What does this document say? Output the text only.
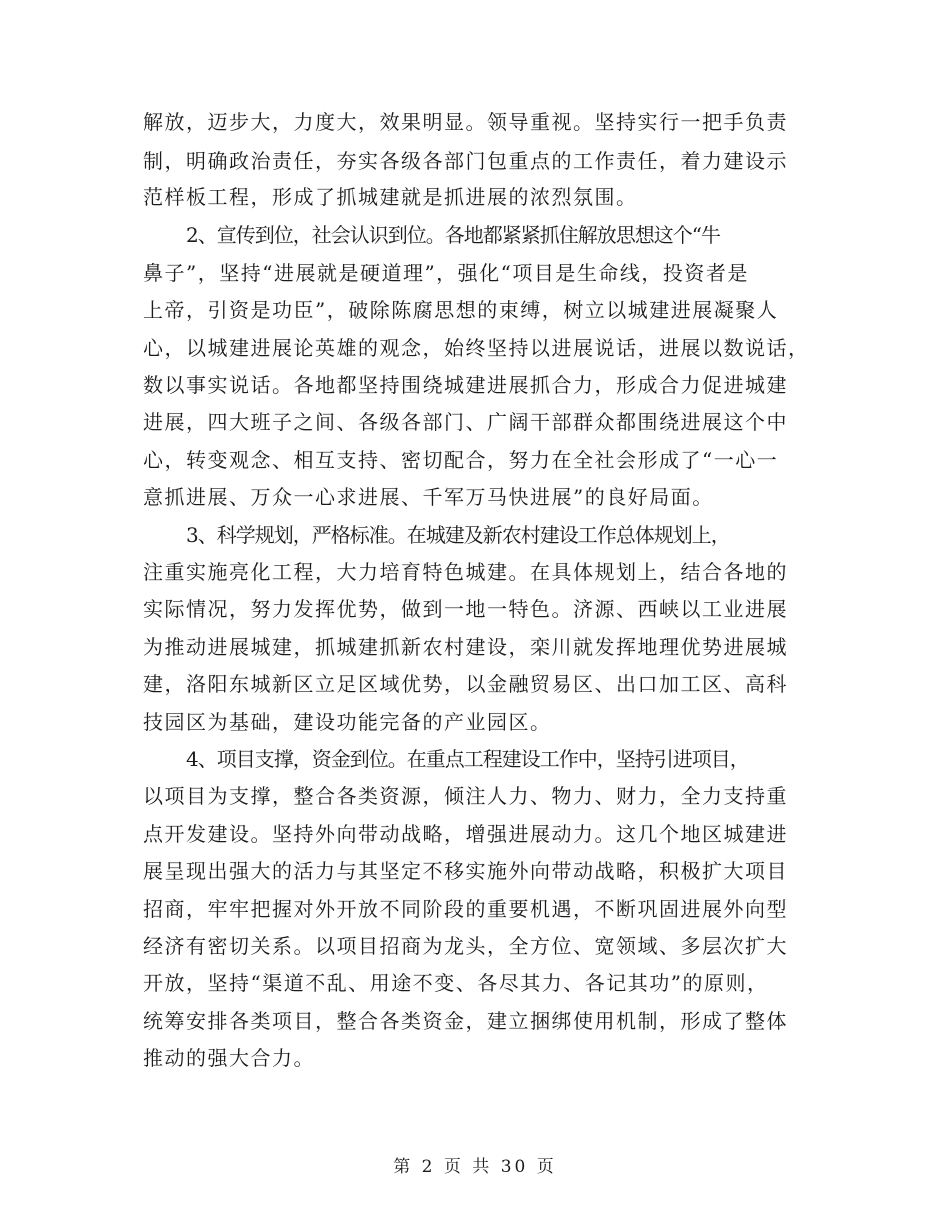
解放，迈步大，力度大，效果明显。领导重视。坚持实行一把手负责
制，明确政治责任，夯实各级各部门包重点的工作责任，着力建设示
范样板工程，形成了抓城建就是抓进展的浓烈氛围。
2、宣传到位，社会认识到位。各地都紧紧抓住解放思想这个“牛
鼻子”，坚持“进展就是硬道理”，强化“项目是生命线，投资者是
上帝，引资是功臣”，破除陈腐思想的束缚，树立以城建进展凝聚人
心，以城建进展论英雄的观念，始终坚持以进展说话，进展以数说话，
数以事实说话。各地都坚持围绕城建进展抓合力，形成合力促进城建
进展，四大班子之间、各级各部门、广阔干部群众都围绕进展这个中
心，转变观念、相互支持、密切配合，努力在全社会形成了“一心一
意抓进展、万众一心求进展、千军万马快进展”的良好局面。
3、科学规划，严格标准。在城建及新农村建设工作总体规划上，
注重实施亮化工程，大力培育特色城建。在具体规划上，结合各地的
实际情况，努力发挥优势，做到一地一特色。济源、西峡以工业进展
为推动进展城建，抓城建抓新农村建设，栾川就发挥地理优势进展城
建，洛阳东城新区立足区域优势，以金融贸易区、出口加工区、高科
技园区为基础，建设功能完备的产业园区。
4、项目支撑，资金到位。在重点工程建设工作中，坚持引进项目，
以项目为支撑，整合各类资源，倾注人力、物力、财力，全力支持重
点开发建设。坚持外向带动战略，增强进展动力。这几个地区城建进
展呈现出强大的活力与其坚定不移实施外向带动战略，积极扩大项目
招商，牢牢把握对外开放不同阶段的重要机遇，不断巩固进展外向型
经济有密切关系。以项目招商为龙头，全方位、宽领域、多层次扩大
开放，坚持“渠道不乱、用途不变、各尽其力、各记其功”的原则，
统筹安排各类项目，整合各类资金，建立捆绑使用机制，形成了整体
推动的强大合力。
第 2 页 共 30 页
